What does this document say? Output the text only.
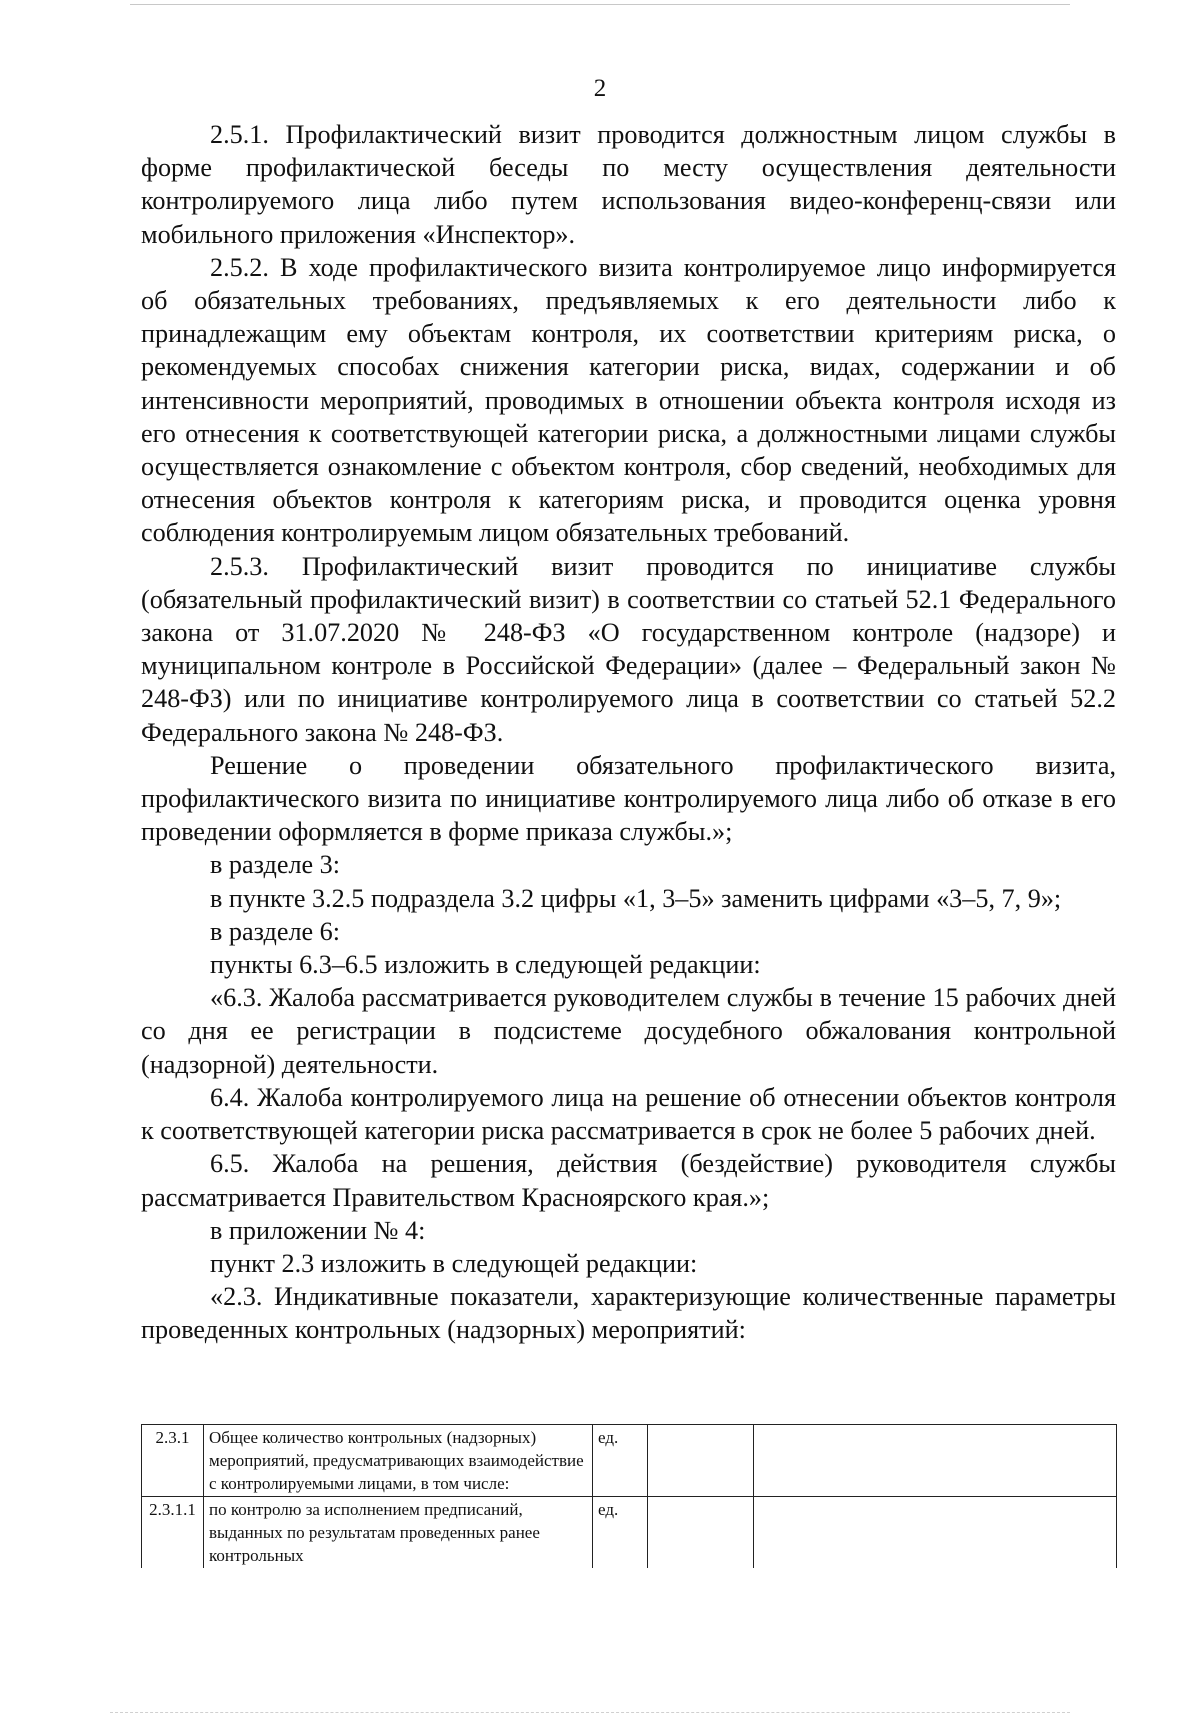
2

2.5.1. Профилактический визит проводится должностным лицом службы в форме профилактической беседы по месту осуществления деятельности контролируемого лица либо путем использования видео-конференц-связи или мобильного приложения «Инспектор».

2.5.2. В ходе профилактического визита контролируемое лицо информируется об обязательных требованиях, предъявляемых к его деятельности либо к принадлежащим ему объектам контроля, их соответствии критериям риска, о рекомендуемых способах снижения категории риска, видах, содержании и об интенсивности мероприятий, проводимых в отношении объекта контроля исходя из его отнесения к соответствующей категории риска, а должностными лицами службы осуществляется ознакомление с объектом контроля, сбор сведений, необходимых для отнесения объектов контроля к категориям риска, и проводится оценка уровня соблюдения контролируемым лицом обязательных требований.

2.5.3. Профилактический визит проводится по инициативе службы (обязательный профилактический визит) в соответствии со статьей 52.1 Федерального закона от 31.07.2020 № 248-ФЗ «О государственном контроле (надзоре) и муниципальном контроле в Российской Федерации» (далее – Федеральный закон № 248-ФЗ) или по инициативе контролируемого лица в соответствии со статьей 52.2 Федерального закона № 248-ФЗ.

Решение о проведении обязательного профилактического визита, профилактического визита по инициативе контролируемого лица либо об отказе в его проведении оформляется в форме приказа службы.»;

в разделе 3:

в пункте 3.2.5 подраздела 3.2 цифры «1, 3–5» заменить цифрами «3–5, 7, 9»;

в разделе 6:

пункты 6.3–6.5 изложить в следующей редакции:

«6.3. Жалоба рассматривается руководителем службы в течение 15 рабочих дней со дня ее регистрации в подсистеме досудебного обжалования контрольной (надзорной) деятельности.

6.4. Жалоба контролируемого лица на решение об отнесении объектов контроля к соответствующей категории риска рассматривается в срок не более 5 рабочих дней.

6.5. Жалоба на решения, действия (бездействие) руководителя службы рассматривается Правительством Красноярского края.»;

в приложении № 4:

пункт 2.3 изложить в следующей редакции:

«2.3. Индикативные показатели, характеризующие количественные параметры проведенных контрольных (надзорных) мероприятий:

2.3.1	Общее количество контрольных (надзорных) мероприятий, предусматривающих взаимодействие с контролируемыми лицами, в том числе:	ед.		
2.3.1.1	по контролю за исполнением предписаний, выданных по результатам проведенных ранее контрольных	ед.		
